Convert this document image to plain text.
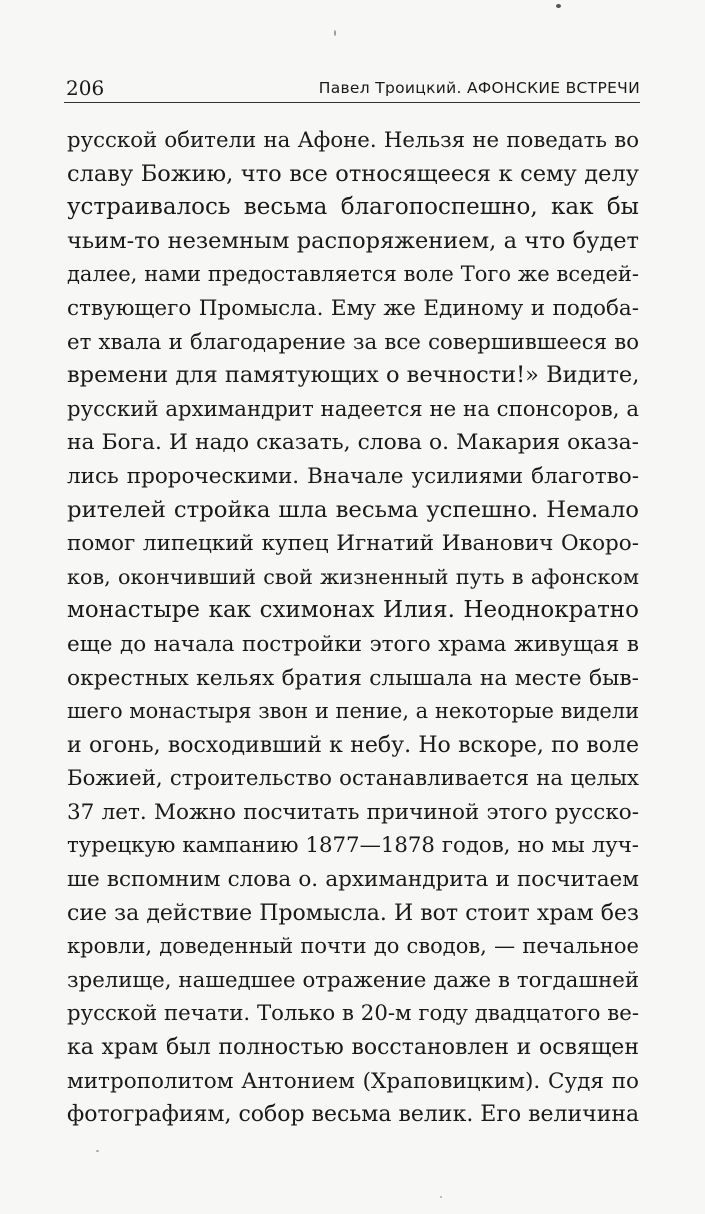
206	Павел Троицкий. АФОНСКИЕ ВСТРЕЧИ
русской обители на Афоне. Нельзя не поведать во
славу Божию, что все относящееся к сему делу
устраивалось весьма благопоспешно, как бы
чьим-то неземным распоряжением, а что будет
далее, нами предоставляется воле Того же вседей-
ствующего Промысла. Ему же Единому и подоба-
ет хвала и благодарение за все совершившееся во
времени для памятующих о вечности!» Видите,
русский архимандрит надеется не на спонсоров, а
на Бога. И надо сказать, слова о. Макария оказа-
лись пророческими. Вначале усилиями благотво-
рителей стройка шла весьма успешно. Немало
помог липецкий купец Игнатий Иванович Окоро-
ков, окончивший свой жизненный путь в афонском
монастыре как схимонах Илия. Неоднократно
еще до начала постройки этого храма живущая в
окрестных кельях братия слышала на месте быв-
шего монастыря звон и пение, а некоторые видели
и огонь, восходивший к небу. Но вскоре, по воле
Божией, строительство останавливается на целых
37 лет. Можно посчитать причиной этого русско-
турецкую кампанию 1877—1878 годов, но мы луч-
ше вспомним слова о. архимандрита и посчитаем
сие за действие Промысла. И вот стоит храм без
кровли, доведенный почти до сводов, — печальное
зрелище, нашедшее отражение даже в тогдашней
русской печати. Только в 20-м году двадцатого ве-
ка храм был полностью восстановлен и освящен
митрополитом Антонием (Храповицким). Судя по
фотографиям, собор весьма велик. Его величина
